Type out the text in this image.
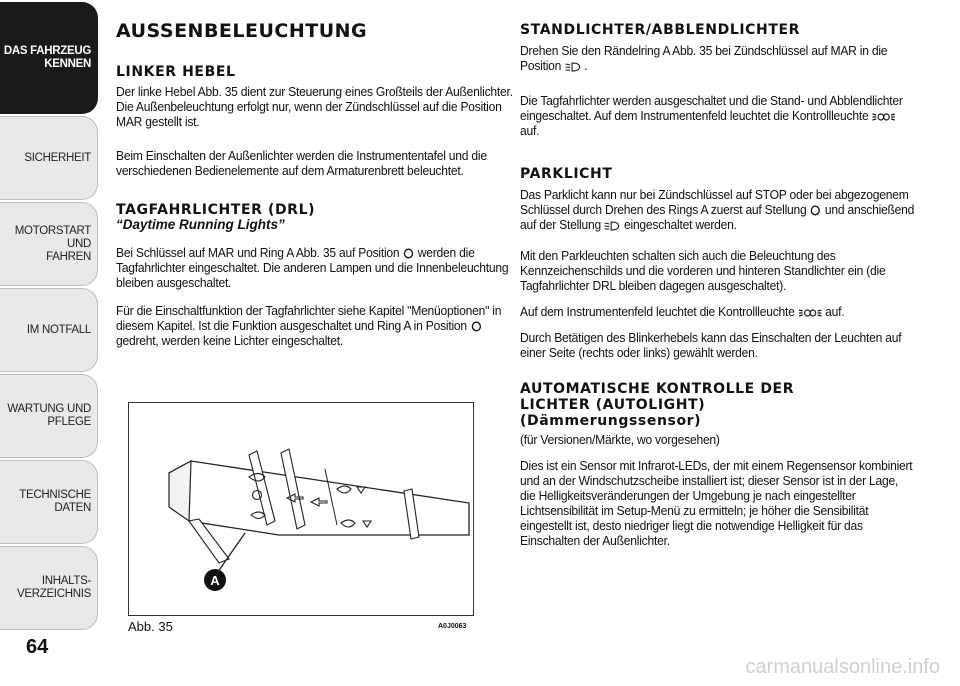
DAS FAHRZEUG
KENNEN
SICHERHEIT
MOTORSTART UND
FAHREN
IM NOTFALL
WARTUNG UND
PFLEGE
TECHNISCHE DATEN
INHALTS-
VERZEICHNIS
64
AUSSENBELEUCHTUNG
LINKER HEBEL

Der linke Hebel Abb. 35 dient zur Steuerung eines Großteils der Außenlichter. Die Außenbeleuchtung erfolgt nur, wenn der Zündschlüssel auf die Position MAR gestellt ist.

Beim Einschalten der Außenlichter werden die Instrumententafel und die verschiedenen Bedienelemente auf dem Armaturenbrett beleuchtet.

TAGFAHRLICHTER (DRL)
“Daytime Running Lights”

Bei Schlüssel auf MAR und Ring A Abb. 35 auf Position werden die Tagfahrlichter eingeschaltet. Die anderen Lampen und die Innenbeleuchtung bleiben ausgeschaltet.

Für die Einschaltfunktion der Tagfahrlichter siehe Kapitel "Menüoptionen" in diesem Kapitel. Ist die Funktion ausgeschaltet und Ring A in Position  gedreht, werden keine Lichter eingeschaltet.

A
Abb. 35	A0J0063
STANDLICHTER/ABBLENDLICHTER

Drehen Sie den Rändelring A Abb. 35 bei Zündschlüssel auf MAR in die Position .

Die Tagfahrlichter werden ausgeschaltet und die Stand- und Abblendlichter eingeschaltet. Auf dem Instrumentenfeld leuchtet die Kontrollleuchte  auf.

PARKLICHT

Das Parklicht kann nur bei Zündschlüssel auf STOP oder bei abgezogenem Schlüssel durch Drehen des Rings A zuerst auf Stellung und anschießend auf der Stellung eingeschaltet werden.

Mit den Parkleuchten schalten sich auch die Beleuchtung des Kennzeichenschilds und die vorderen und hinteren Standlichter ein (die Tagfahrlichter DRL bleiben dagegen ausgeschaltet).

Auf dem Instrumentenfeld leuchtet die Kontrollleuchte auf.

Durch Betätigen des Blinkerhebels kann das Einschalten der Leuchten auf einer Seite (rechts oder links) gewählt werden.

AUTOMATISCHE KONTROLLE DER
LICHTER (AUTOLIGHT)
(Dämmerungssensor)

(für Versionen/Märkte, wo vorgesehen)

Dies ist ein Sensor mit Infrarot-LEDs, der mit einem Regensensor kombiniert und an der Windschutzscheibe installiert ist; dieser Sensor ist in der Lage, die Helligkeitsveränderungen der Umgebung je nach eingestellter Lichtsensibilität im Setup-Menü zu ermitteln; je höher die Sensibilität eingestellt ist, desto niedriger liegt die notwendige Helligkeit für das Einschalten der Außenlichter.

carmanualsonline.info
